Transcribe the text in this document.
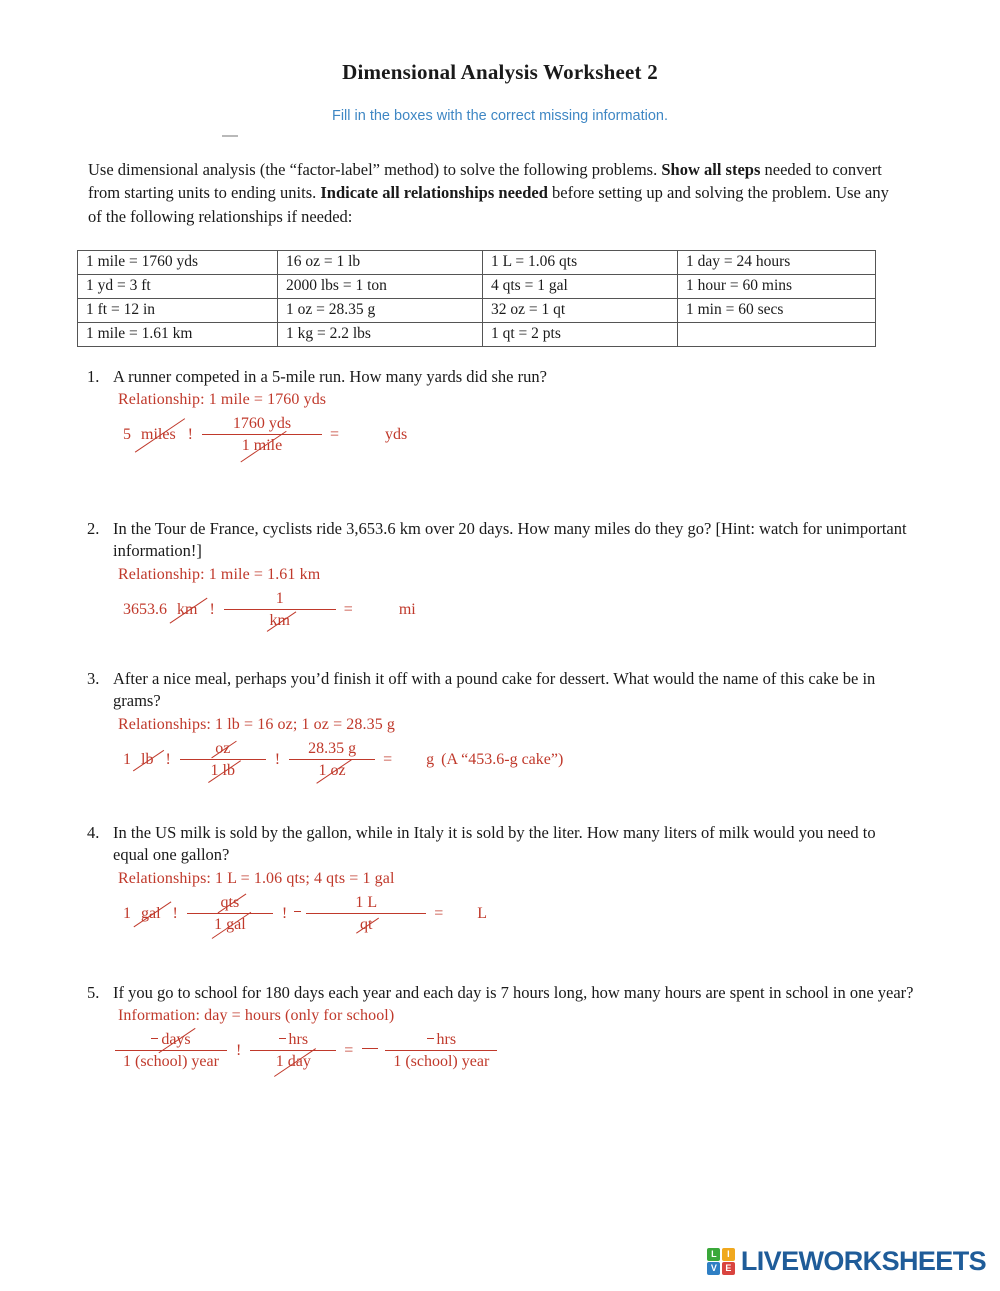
Dimensional Analysis Worksheet 2
Fill in the boxes with the correct missing information.
Use dimensional analysis (the “factor-label” method) to solve the following problems. Show all steps needed to convert from starting units to ending units. Indicate all relationships needed before setting up and solving the problem. Use any of the following relationships if needed:
1 mile = 1760 yds	16 oz = 1 lb	1 L = 1.06 qts	1 day = 24 hours
1 yd = 3 ft	2000 lbs = 1 ton	4 qts = 1 gal	1 hour = 60 mins
1 ft = 12 in	1 oz = 28.35 g	32 oz = 1 qt	1 min = 60 secs
1 mile = 1.61 km	1 kg = 2.2 lbs	1 qt = 2 pts	
1. A runner competed in a 5-mile run. How many yards did she run?
Relationship: 1 mile = 1760 yds
5 miles ! $\frac{\text{1760 yds}}{\text{1 mile}}$ =	yds
2. In the Tour de France, cyclists ride 3,653.6 km over 20 days. How many miles do they go? [Hint: watch for unimportant information!]
Relationship: 1 mile = 1.61 km
3653.6 km ! $\frac{1}{km}$ =	mi
3. After a nice meal, perhaps you’d finish it off with a pound cake for dessert. What would the name of this cake be in grams?
Relationships: 1 lb = 16 oz; 1 oz = 28.35 g
1 lb ! $\frac{oz}{1 lb}$ ! $\frac{28.35 g}{1 oz}$ =	g (A “453.6-g cake”)
4. In the US milk is sold by the gallon, while in Italy it is sold by the liter. How many liters of milk would you need to equal one gallon?
Relationships: 1 L = 1.06 qts; 4 qts = 1 gal
1 gal ! $\frac{\text{qts}}{\text{1 gal}}$ !	$\frac{1 L}{qt}$ =	L
5. If you go to school for 180 days each year and each day is 7 hours long, how many hours are spent in school in one year?
Information: day = hours (only for school)
$\frac{\text{days}}{\text{1 (school) year}}$ ! $\frac{\text{hrs}}{\text{1 day}}$ =	$\frac{\text{hrs}}{\text{1 (school) year}}$
L	I
V E LIVEWORKSHEETS
